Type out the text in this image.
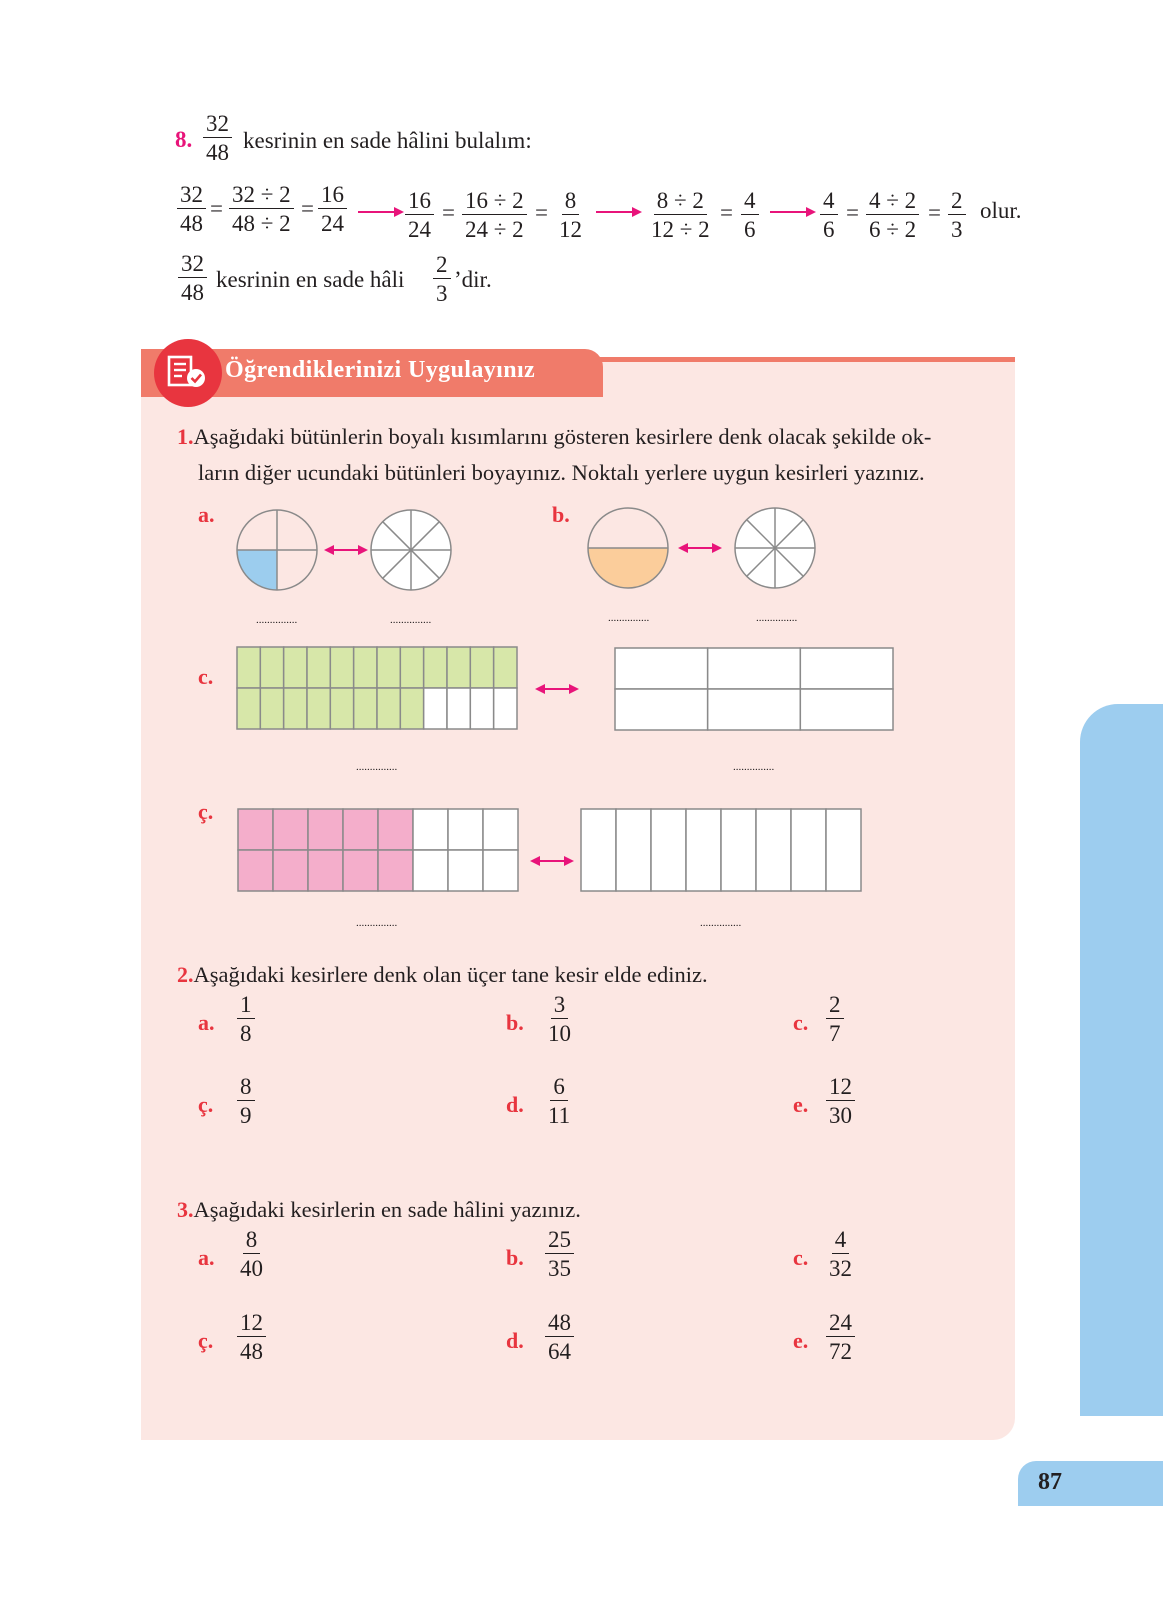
87
8. $\frac{32}{48}$ kesrinin en sade hâlini bulalım:
$\frac{32}{48} = \frac{32 \div 2}{48 \div 2} = \frac{16}{24}$	$\frac{16}{24} = \frac{16 \div 2}{24 \div 2} = \frac{8}{12}$	$\frac{8 \div 2}{12 \div 2} = \frac{4}{6}$	$\frac{4}{6} = \frac{4 \div 2}{6 \div 2} = \frac{2}{3}$ olur.
$\frac{32}{48}$ kesrinin en sade hâli $\frac{2}{3}$ ’dir.
Öğrendiklerinizi Uygulayınız
1.Aşağıdaki bütünlerin boyalı kısımlarını gösteren kesirlere denk olacak şekilde ok-
ların diğer ucundaki bütünleri boyayınız. Noktalı yerlere uygun kesirleri yazınız.
a.
...............	...............
b.
...............	...............
c.
...............	...............
ç.
...............	...............
2.Aşağıdaki kesirlere denk olan üçer tane kesir elde ediniz.
a. $\frac{1}{8}$	b. $\frac{3}{10}$	c. $\frac{2}{7}$
ç. $\frac{8}{9}$	d. $\frac{6}{11}$	e. $\frac{12}{30}$
3.Aşağıdaki kesirlerin en sade hâlini yazınız.
a. $\frac{8}{40}$	b. $\frac{25}{35}$	c. $\frac{4}{32}$
ç. $\frac{12}{48}$	d. $\frac{48}{64}$	e. $\frac{24}{72}$
